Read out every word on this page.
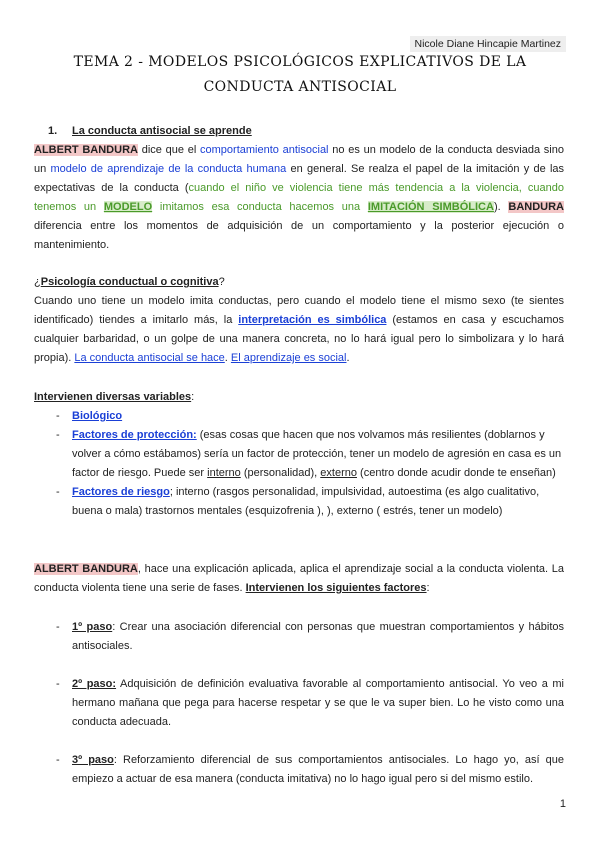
Nicole Diane Hincapie Martinez
TEMA 2 - MODELOS PSICOLÓGICOS EXPLICATIVOS DE LA
CONDUCTA ANTISOCIAL
1. La conducta antisocial se aprende
ALBERT BANDURA dice que el comportamiento antisocial no es un modelo de la conducta desviada sino un modelo de aprendizaje de la conducta humana en general. Se realza el papel de la imitación y de las expectativas de la conducta (cuando el niño ve violencia tiene más tendencia a la violencia, cuando tenemos un MODELO imitamos esa conducta hacemos una IMITACIÓN SIMBÓLICA). BANDURA diferencia entre los momentos de adquisición de un comportamiento y la posterior ejecución o mantenimiento.
¿Psicología conductual o cognitiva?
Cuando uno tiene un modelo imita conductas, pero cuando el modelo tiene el mismo sexo (te sientes identificado) tiendes a imitarlo más, la interpretación es simbólica (estamos en casa y escuchamos cualquier barbaridad, o un golpe de una manera concreta, no lo hará igual pero lo simbolizara y lo hará propia). La conducta antisocial se hace. El aprendizaje es social.
Intervienen diversas variables:
- Biológico
- Factores de protección: (esas cosas que hacen que nos volvamos más resilientes (doblarnos y volver a cómo estábamos) sería un factor de protección, tener un modelo de agresión en casa es un factor de riesgo. Puede ser interno (personalidad), externo (centro donde acudir donde te enseñan)
- Factores de riesgo; interno (rasgos personalidad, impulsividad, autoestima (es algo cualitativo, buena o mala) trastornos mentales (esquizofrenia ), ), externo ( estrés, tener un modelo)
ALBERT BANDURA, hace una explicación aplicada, aplica el aprendizaje social a la conducta violenta. La conducta violenta tiene una serie de fases. Intervienen los siguientes factores:
- 1º paso: Crear una asociación diferencial con personas que muestran comportamientos y hábitos antisociales.
- 2º paso: Adquisición de definición evaluativa favorable al comportamiento antisocial. Yo veo a mi hermano mañana que pega para hacerse respetar y se que le va super bien. Lo he visto como una conducta adecuada.
- 3º paso: Reforzamiento diferencial de sus comportamientos antisociales. Lo hago yo, así que empiezo a actuar de esa manera (conducta imitativa) no lo hago igual pero si del mismo estilo.
1
